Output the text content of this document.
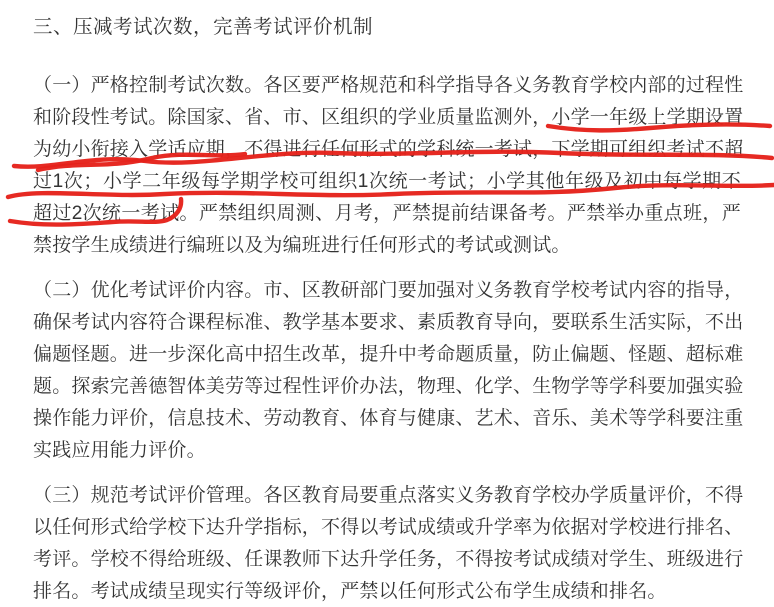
三、压减考试次数，完善考试评价机制
（一）严格控制考试次数。各区要严格规范和科学指导各义务教育学校内部的过程性
和阶段性考试。除国家、省、市、区组织的学业质量监测外，小学一年级上学期设置
为幼小衔接入学适应期，不得进行任何形式的学科统一考试，下学期可组织考试不超
过1次；小学二年级每学期学校可组织1次统一考试；小学其他年级及初中每学期不
超过2次统一考试。严禁组织周测、月考，严禁提前结课备考。严禁举办重点班，严
禁按学生成绩进行编班以及为编班进行任何形式的考试或测试。
（二）优化考试评价内容。市、区教研部门要加强对义务教育学校考试内容的指导，
确保考试内容符合课程标准、教学基本要求、素质教育导向，要联系生活实际，不出
偏题怪题。进一步深化高中招生改革，提升中考命题质量，防止偏题、怪题、超标难
题。探索完善德智体美劳等过程性评价办法，物理、化学、生物学等学科要加强实验
操作能力评价，信息技术、劳动教育、体育与健康、艺术、音乐、美术等学科要注重
实践应用能力评价。
（三）规范考试评价管理。各区教育局要重点落实义务教育学校办学质量评价，不得
以任何形式给学校下达升学指标，不得以考试成绩或升学率为依据对学校进行排名、
考评。学校不得给班级、任课教师下达升学任务，不得按考试成绩对学生、班级进行
排名。考试成绩呈现实行等级评价，严禁以任何形式公布学生成绩和排名。
